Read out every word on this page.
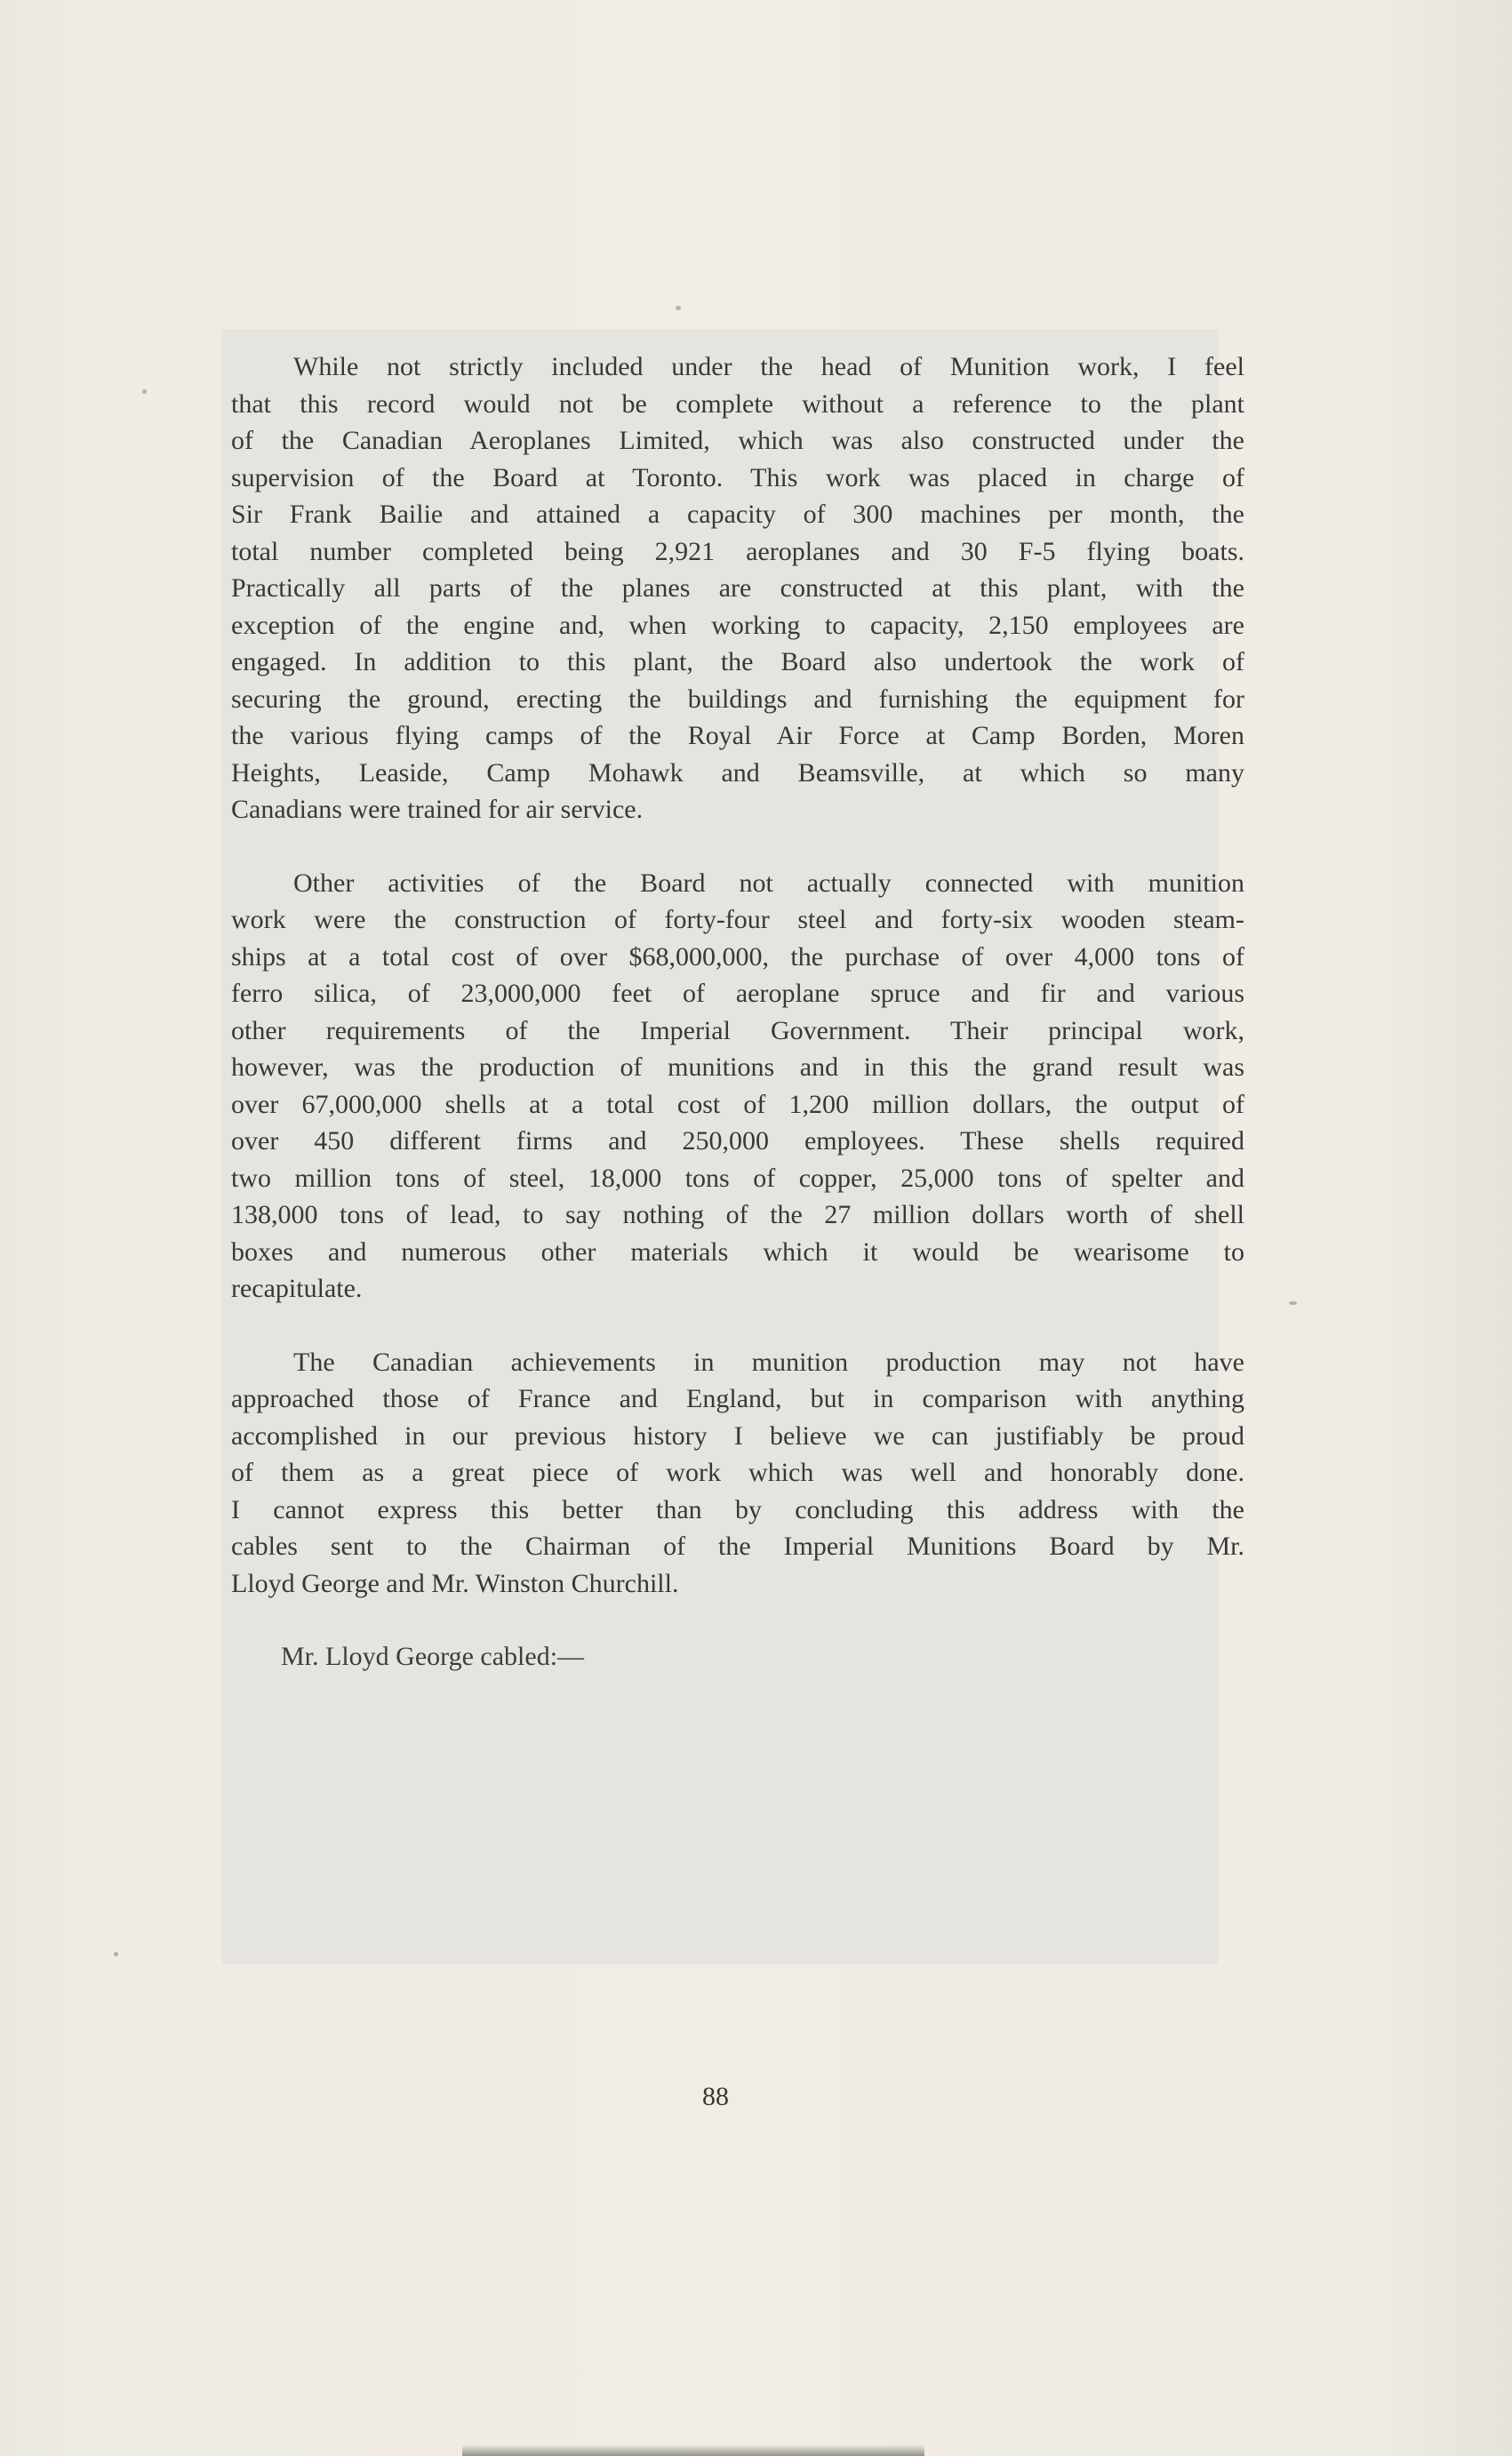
While not strictly included under the head of Munition work, I feel
that this record would not be complete without a reference to the plant
of the Canadian Aeroplanes Limited, which was also constructed under the
supervision of the Board at Toronto. This work was placed in charge of
Sir Frank Bailie and attained a capacity of 300 machines per month, the
total number completed being 2,921 aeroplanes and 30 F-5 flying boats.
Practically all parts of the planes are constructed at this plant, with the
exception of the engine and, when working to capacity, 2,150 employees are
engaged. In addition to this plant, the Board also undertook the work of
securing the ground, erecting the buildings and furnishing the equipment for
the various flying camps of the Royal Air Force at Camp Borden, Moren
Heights, Leaside, Camp Mohawk and Beamsville, at which so many
Canadians were trained for air service.

Other activities of the Board not actually connected with munition
work were the construction of forty-four steel and forty-six wooden steam-
ships at a total cost of over $68,000,000, the purchase of over 4,000 tons of
ferro silica, of 23,000,000 feet of aeroplane spruce and fir and various
other requirements of the Imperial Government. Their principal work,
however, was the production of munitions and in this the grand result was
over 67,000,000 shells at a total cost of 1,200 million dollars, the output of
over 450 different firms and 250,000 employees. These shells required
two million tons of steel, 18,000 tons of copper, 25,000 tons of spelter and
138,000 tons of lead, to say nothing of the 27 million dollars worth of shell
boxes and numerous other materials which it would be wearisome to
recapitulate.

The Canadian achievements in munition production may not have
approached those of France and England, but in comparison with anything
accomplished in our previous history I believe we can justifiably be proud
of them as a great piece of work which was well and honorably done.
I cannot express this better than by concluding this address with the
cables sent to the Chairman of the Imperial Munitions Board by Mr.
Lloyd George and Mr. Winston Churchill.

Mr. Lloyd George cabled:—
88
